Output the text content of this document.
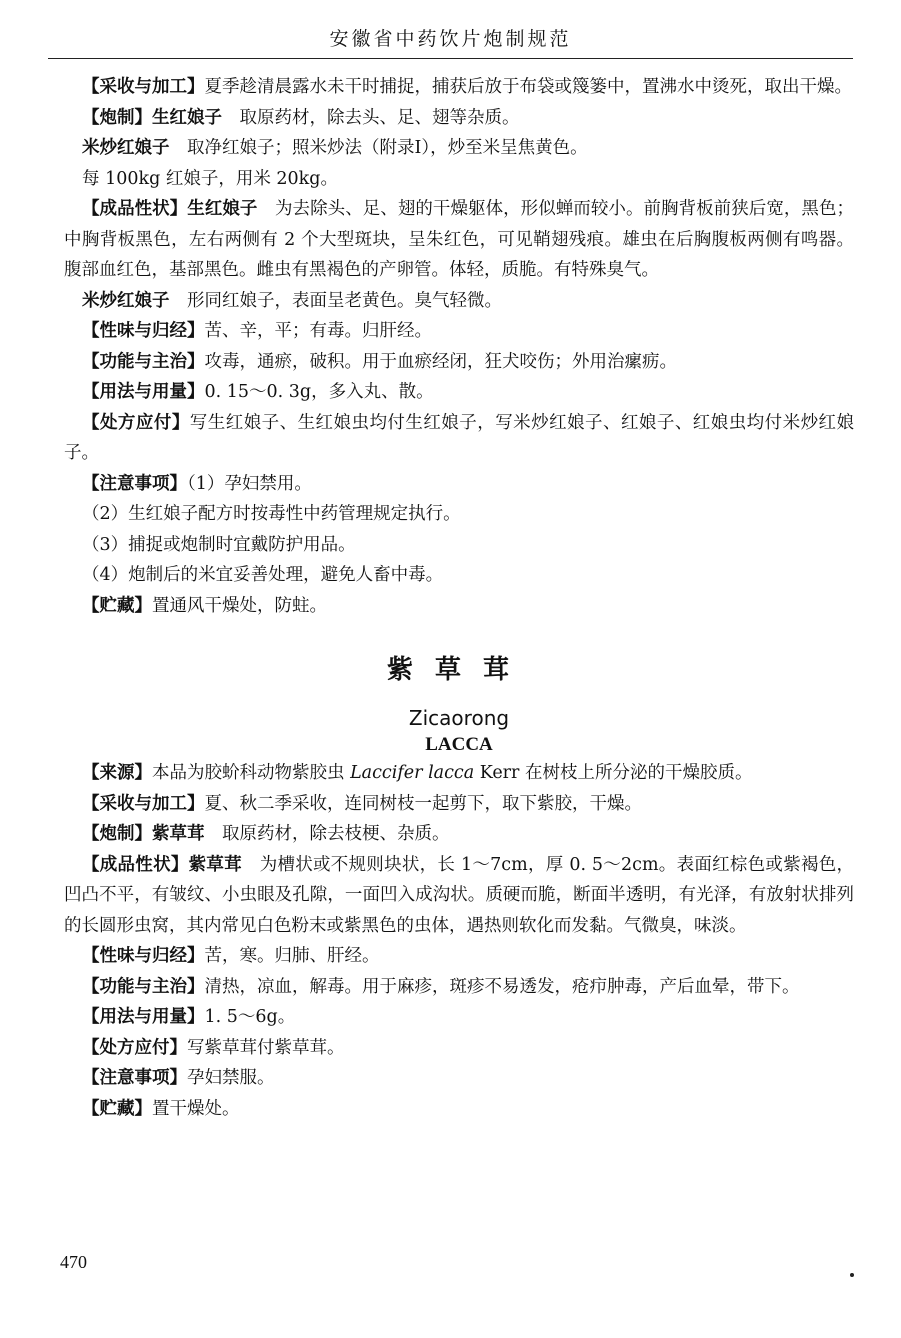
安徽省中药饮片炮制规范

【采收与加工】夏季趁清晨露水未干时捕捉，捕获后放于布袋或篾篓中，置沸水中烫死，取出干燥。

【炮制】生红娘子　取原药材，除去头、足、翅等杂质。

米炒红娘子　取净红娘子；照米炒法（附录Ⅰ），炒至米呈焦黄色。

每 100kg 红娘子，用米 20kg。

【成品性状】生红娘子　为去除头、足、翅的干燥躯体，形似蝉而较小。前胸背板前狭后宽，黑色；中胸背板黑色，左右两侧有 2 个大型斑块，呈朱红色，可见鞘翅残痕。雄虫在后胸腹板两侧有鸣器。腹部血红色，基部黑色。雌虫有黑褐色的产卵管。体轻，质脆。有特殊臭气。

米炒红娘子　形同红娘子，表面呈老黄色。臭气轻微。

【性味与归经】苦、辛，平；有毒。归肝经。

【功能与主治】攻毒，通瘀，破积。用于血瘀经闭，狂犬咬伤；外用治瘰疬。

【用法与用量】0. 15～0. 3g，多入丸、散。

【处方应付】写生红娘子、生红娘虫均付生红娘子，写米炒红娘子、红娘子、红娘虫均付米炒红娘子。

【注意事项】（1）孕妇禁用。

（2）生红娘子配方时按毒性中药管理规定执行。

（3）捕捉或炮制时宜戴防护用品。

（4）炮制后的米宜妥善处理，避免人畜中毒。

【贮藏】置通风干燥处，防蛀。

紫草茸
Zicaorong
LACCA

【来源】本品为胶蚧科动物紫胶虫 Laccifer lacca Kerr 在树枝上所分泌的干燥胶质。

【采收与加工】夏、秋二季采收，连同树枝一起剪下，取下紫胶，干燥。

【炮制】紫草茸　取原药材，除去枝梗、杂质。

【成品性状】紫草茸　为槽状或不规则块状，长 1～7cm，厚 0. 5～2cm。表面红棕色或紫褐色，凹凸不平，有皱纹、小虫眼及孔隙，一面凹入成沟状。质硬而脆，断面半透明，有光泽，有放射状排列的长圆形虫窝，其内常见白色粉末或紫黑色的虫体，遇热则软化而发黏。气微臭，味淡。

【性味与归经】苦，寒。归肺、肝经。

【功能与主治】清热，凉血，解毒。用于麻疹，斑疹不易透发，疮疖肿毒，产后血晕，带下。

【用法与用量】1. 5～6g。

【处方应付】写紫草茸付紫草茸。

【注意事项】孕妇禁服。

【贮藏】置干燥处。

470
